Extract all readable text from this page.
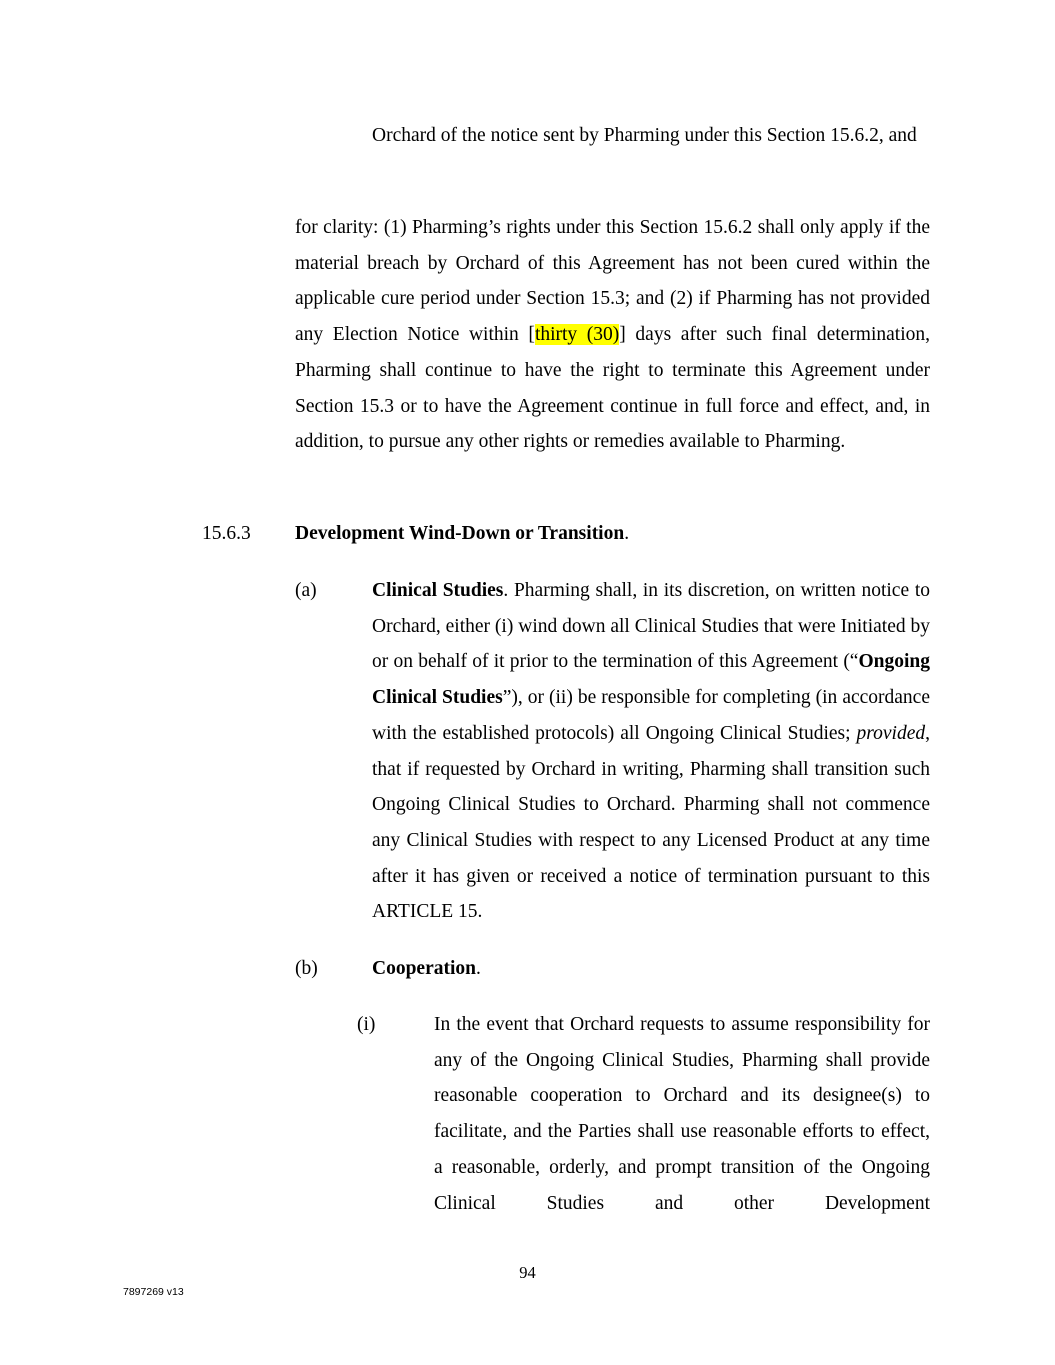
Orchard of the notice sent by Pharming under this Section 15.6.2, and

for clarity: (1) Pharming’s rights under this Section 15.6.2 shall only apply if the material breach by Orchard of this Agreement has not been cured within the applicable cure period under Section 15.3; and (2) if Pharming has not provided any Election Notice within [thirty (30)] days after such final determination, Pharming shall continue to have the right to terminate this Agreement under Section 15.3 or to have the Agreement continue in full force and effect, and, in addition, to pursue any other rights or remedies available to Pharming.

15.6.3 Development Wind-Down or Transition.

(a)	Clinical Studies. Pharming shall, in its discretion, on written notice to Orchard, either (i) wind down all Clinical Studies that were Initiated by or on behalf of it prior to the termination of this Agreement (“Ongoing Clinical Studies”), or (ii) be responsible for completing (in accordance with the established protocols) all Ongoing Clinical Studies; provided, that if requested by Orchard in writing, Pharming shall transition such Ongoing Clinical Studies to Orchard. Pharming shall not commence any Clinical Studies with respect to any Licensed Product at any time after it has given or received a notice of termination pursuant to this ARTICLE 15.

(b)	Cooperation.

(i)	In the event that Orchard requests to assume responsibility for any of the Ongoing Clinical Studies, Pharming shall provide reasonable cooperation to Orchard and its designee(s) to facilitate, and the Parties shall use reasonable efforts to effect, a reasonable, orderly, and prompt transition of the Ongoing Clinical Studies and other Development

94
7897269 v13
